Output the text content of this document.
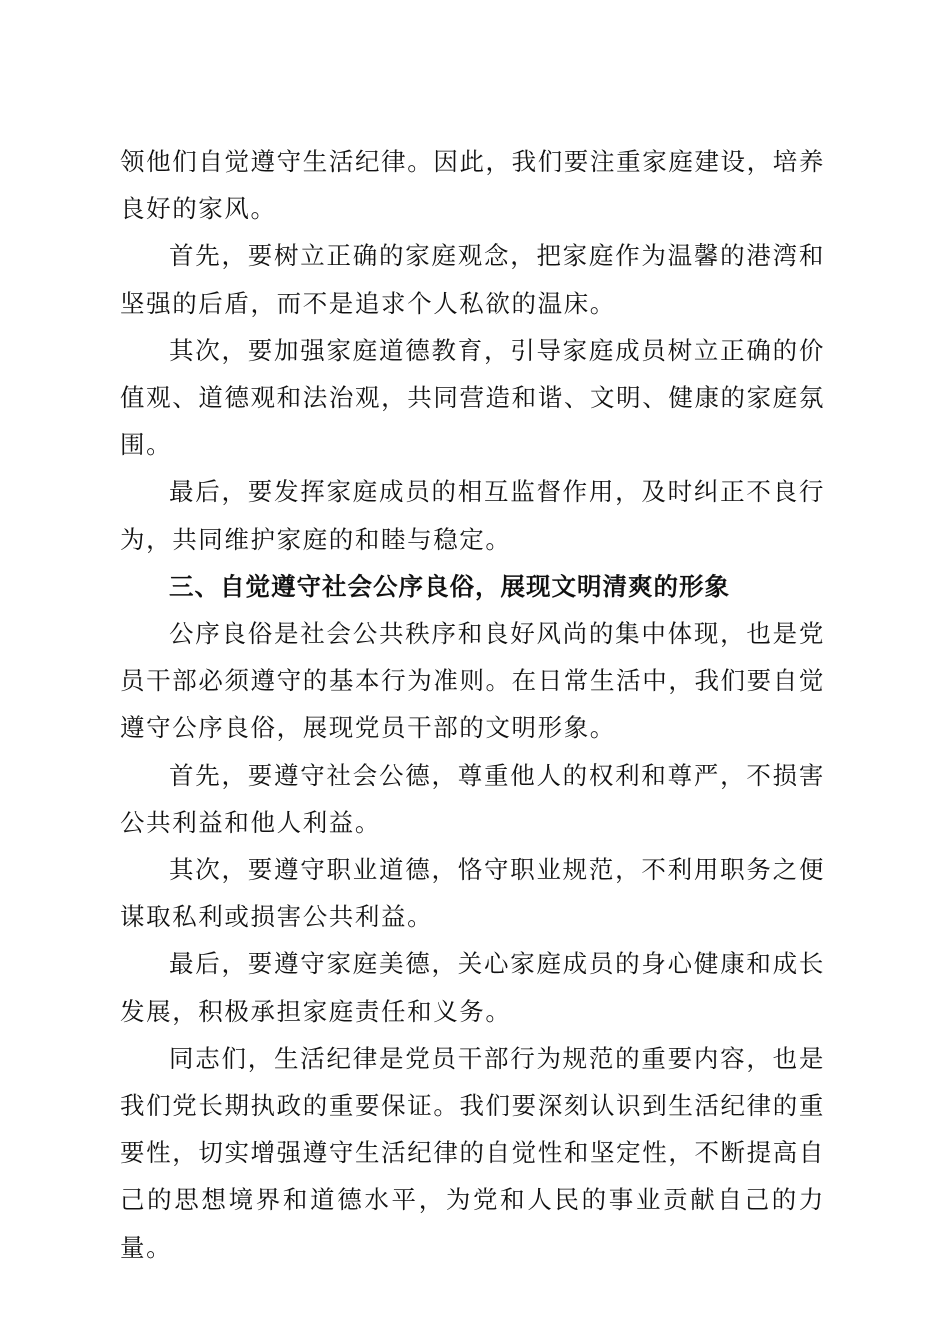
领他们自觉遵守生活纪律。因此，我们要注重家庭建设，培养良好的家风。

首先，要树立正确的家庭观念，把家庭作为温馨的港湾和坚强的后盾，而不是追求个人私欲的温床。

其次，要加强家庭道德教育，引导家庭成员树立正确的价值观、道德观和法治观，共同营造和谐、文明、健康的家庭氛围。

最后，要发挥家庭成员的相互监督作用，及时纠正不良行为，共同维护家庭的和睦与稳定。

三、自觉遵守社会公序良俗，展现文明清爽的形象

公序良俗是社会公共秩序和良好风尚的集中体现，也是党员干部必须遵守的基本行为准则。在日常生活中，我们要自觉遵守公序良俗，展现党员干部的文明形象。

首先，要遵守社会公德，尊重他人的权利和尊严，不损害公共利益和他人利益。

其次，要遵守职业道德，恪守职业规范，不利用职务之便谋取私利或损害公共利益。

最后，要遵守家庭美德，关心家庭成员的身心健康和成长发展，积极承担家庭责任和义务。

同志们，生活纪律是党员干部行为规范的重要内容，也是我们党长期执政的重要保证。我们要深刻认识到生活纪律的重要性，切实增强遵守生活纪律的自觉性和坚定性，不断提高自己的思想境界和道德水平，为党和人民的事业贡献自己的力量。
